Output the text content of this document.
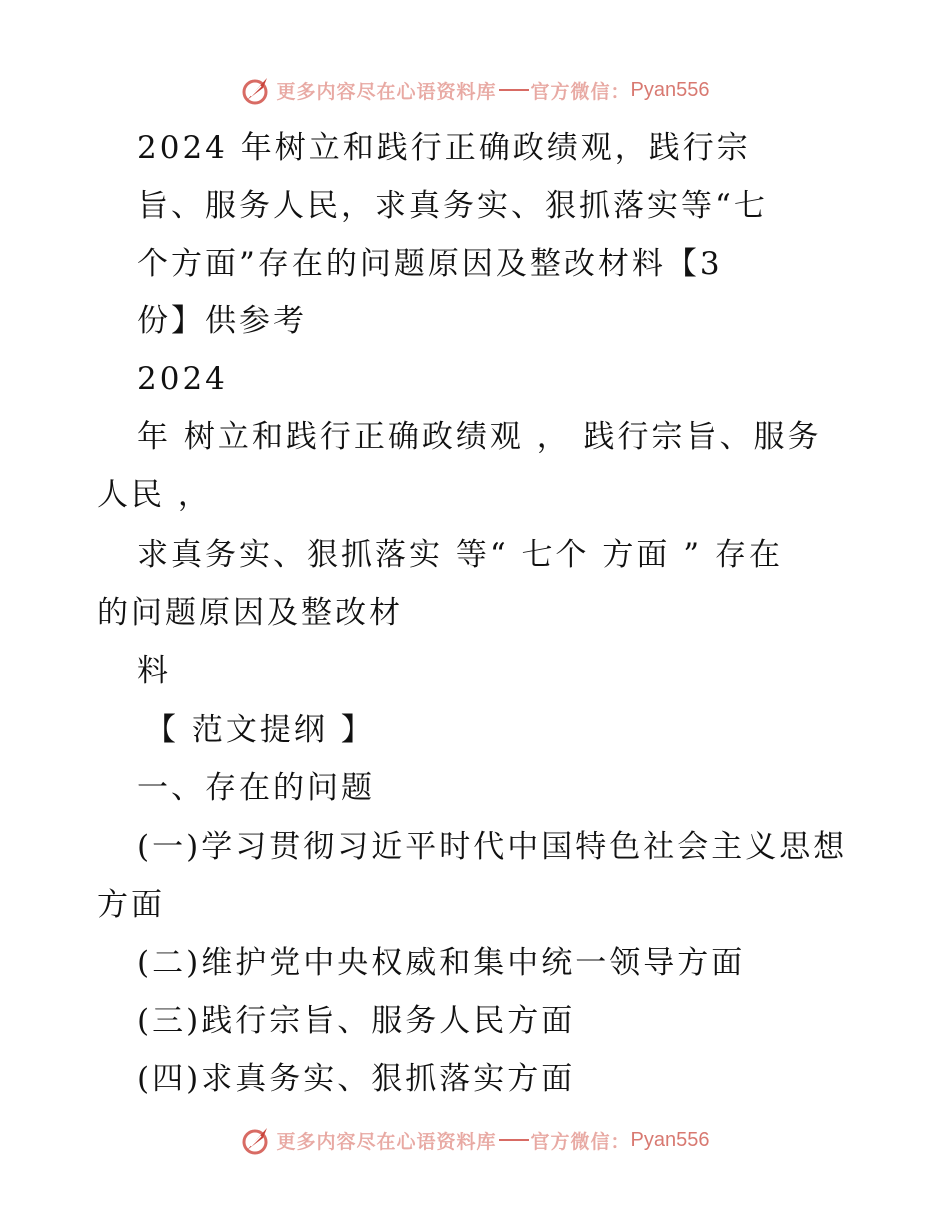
更多内容尽在心语资料库 官方微信： Pyan556
2024 年树立和践行正确政绩观，践行宗
旨、服务人民，求真务实、狠抓落实等“七
个方面”存在的问题原因及整改材料【3
份】供参考
2024
年 树立和践行正确政绩观 ， 践行宗旨、服务
人民 ，
求真务实、狠抓落实 等“ 七个 方面 ” 存在
的问题原因及整改材
料
【 范文提纲 】
一、存在的问题
(一)学习贯彻习近平时代中国特色社会主义思想
方面
(二)维护党中央权威和集中统一领导方面
(三)践行宗旨、服务人民方面
(四)求真务实、狠抓落实方面
更多内容尽在心语资料库 官方微信： Pyan556
